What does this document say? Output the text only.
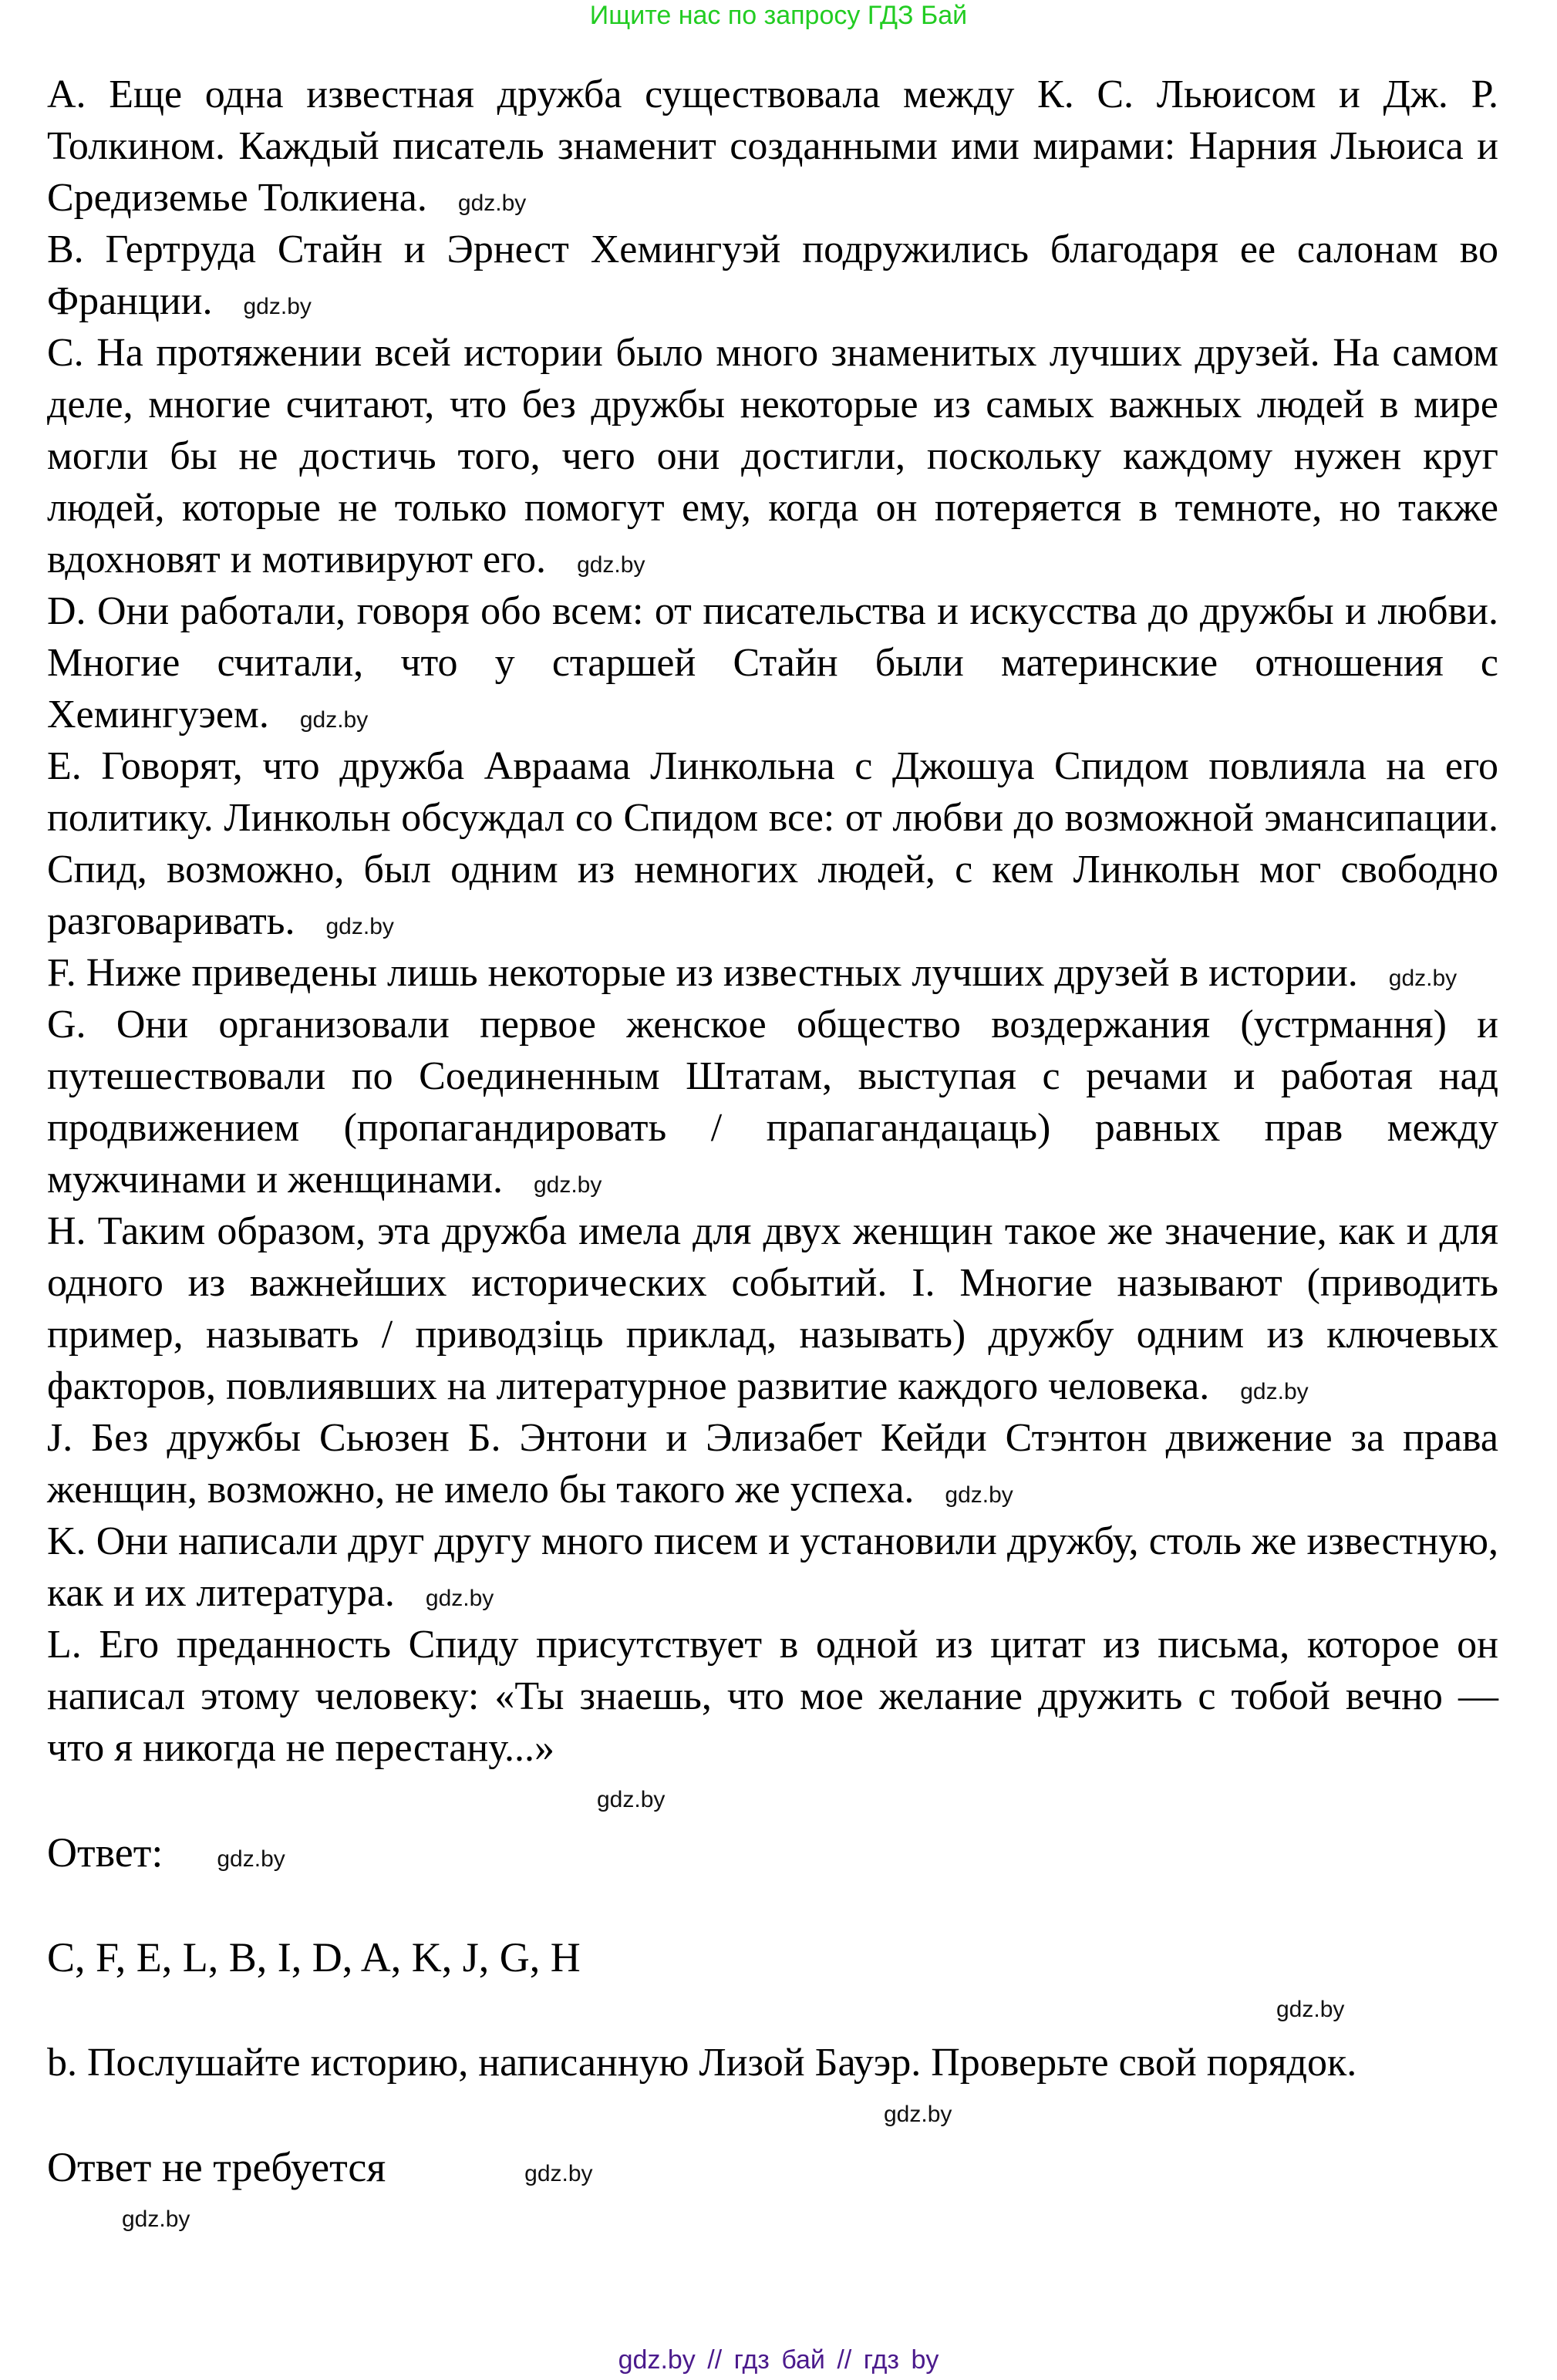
Ищите нас по запросу ГДЗ Бай

A. Еще одна известная дружба существовала между К. С. Льюисом и Дж. Р. Толкином. Каждый писатель знаменит созданными ими мирами: Нарния Льюиса и Средиземье Толкиена. gdz.by

B. Гертруда Стайн и Эрнест Хемингуэй подружились благодаря ее салонам во Франции. gdz.by

C. На протяжении всей истории было много знаменитых лучших друзей. На самом деле, многие считают, что без дружбы некоторые из самых важных людей в мире могли бы не достичь того, чего они достигли, поскольку каждому нужен круг людей, которые не только помогут ему, когда он потеряется в темноте, но также вдохновят и мотивируют его. gdz.by

D. Они работали, говоря обо всем: от писательства и искусства до дружбы и любви. Многие считали, что у старшей Стайн были материнские отношения с Хемингуэем. gdz.by

E. Говорят, что дружба Авраама Линкольна с Джошуа Спидом повлияла на его политику. Линкольн обсуждал со Спидом все: от любви до возможной эмансипации. Спид, возможно, был одним из немногих людей, с кем Линкольн мог свободно разговаривать. gdz.by

F. Ниже приведены лишь некоторые из известных лучших друзей в истории. gdz.by

G. Они организовали первое женское общество воздержания (устрмання) и путешествовали по Соединенным Штатам, выступая с речами и работая над продвижением (пропагандировать / прапагандацаць) равных прав между мужчинами и женщинами. gdz.by

H. Таким образом, эта дружба имела для двух женщин такое же значение, как и для одного из важнейших исторических событий. I. Многие называют (приводить пример, называть / приводзіць приклад, называть) дружбу одним из ключевых факторов, повлиявших на литературное развитие каждого человека. gdz.by

J. Без дружбы Сьюзен Б. Энтони и Элизабет Кейди Стэнтон движение за права женщин, возможно, не имело бы такого же успеха. gdz.by

K. Они написали друг другу много писем и установили дружбу, столь же известную, как и их литература. gdz.by

L. Его преданность Спиду присутствует в одной из цитат из письма, которое он написал этому человеку: «Ты знаешь, что мое желание дружить с тобой вечно — что я никогда не перестану...»

gdz.by
Ответ: gdz.by
C, F, E, L, B, I, D, A, K, J, G, H
gdz.by
b. Послушайте историю, написанную Лизой Бауэр. Проверьте свой порядок.
gdz.by
Ответ не требуется	gdz.by
gdz.by
gdz.by // гдз бай // гдз by
